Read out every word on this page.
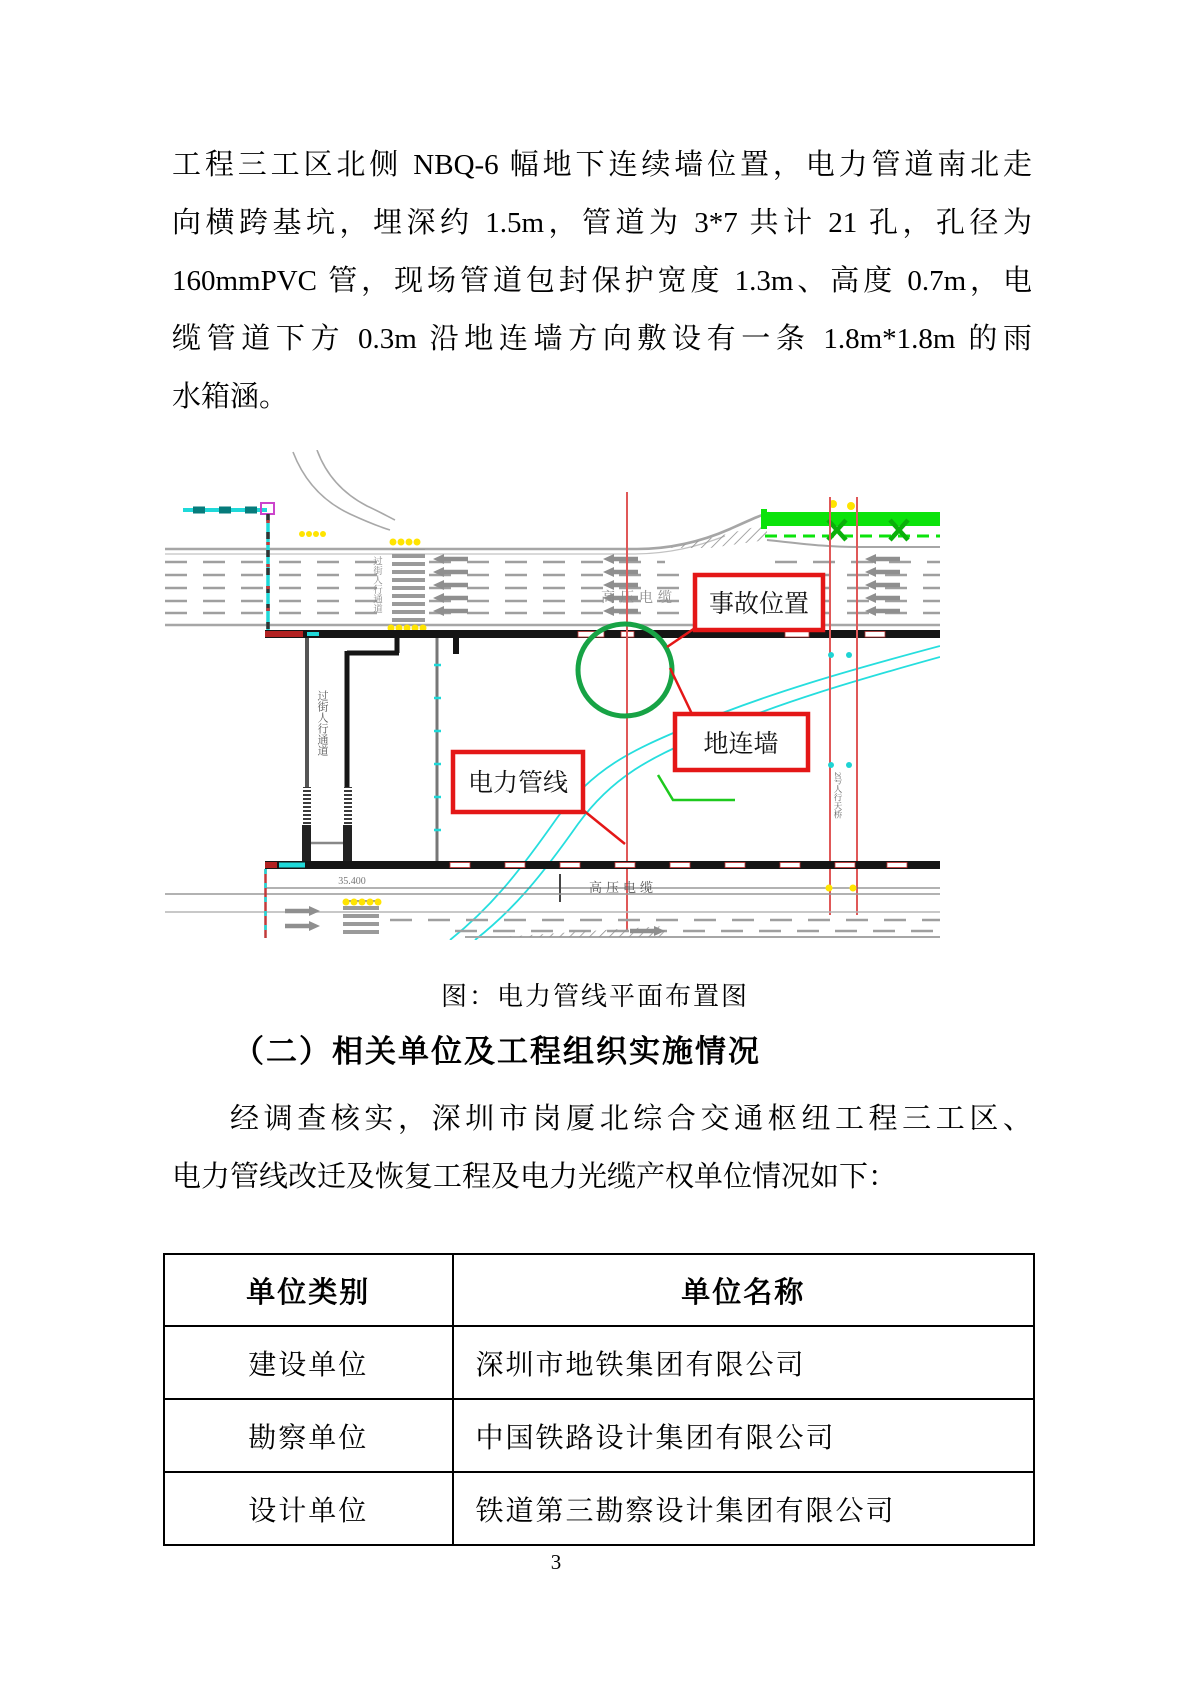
工程三工区北侧 NBQ-6 幅地下连续墙位置，电力管道南北走
向横跨基坑，埋深约 1.5m，管道为 3*7 共计 21 孔，孔径为
160mmPVC 管，现场管道包封保护宽度 1.3m、高度 0.7m，电
缆管道下方 0.3m 沿地连墙方向敷设有一条 1.8m*1.8m 的雨
水箱涵。
过街人行通道	高压电缆
过街人行通道
2号人行天桥
35.400	高压电缆
事故位置
地连墙
电力管线
图：电力管线平面布置图
（二）相关单位及工程组织实施情况
经调查核实，深圳市岗厦北综合交通枢纽工程三工区、
电力管线改迁及恢复工程及电力光缆产权单位情况如下：
单位类别	单位名称
建设单位	深圳市地铁集团有限公司
勘察单位	中国铁路设计集团有限公司
设计单位	铁道第三勘察设计集团有限公司
3
